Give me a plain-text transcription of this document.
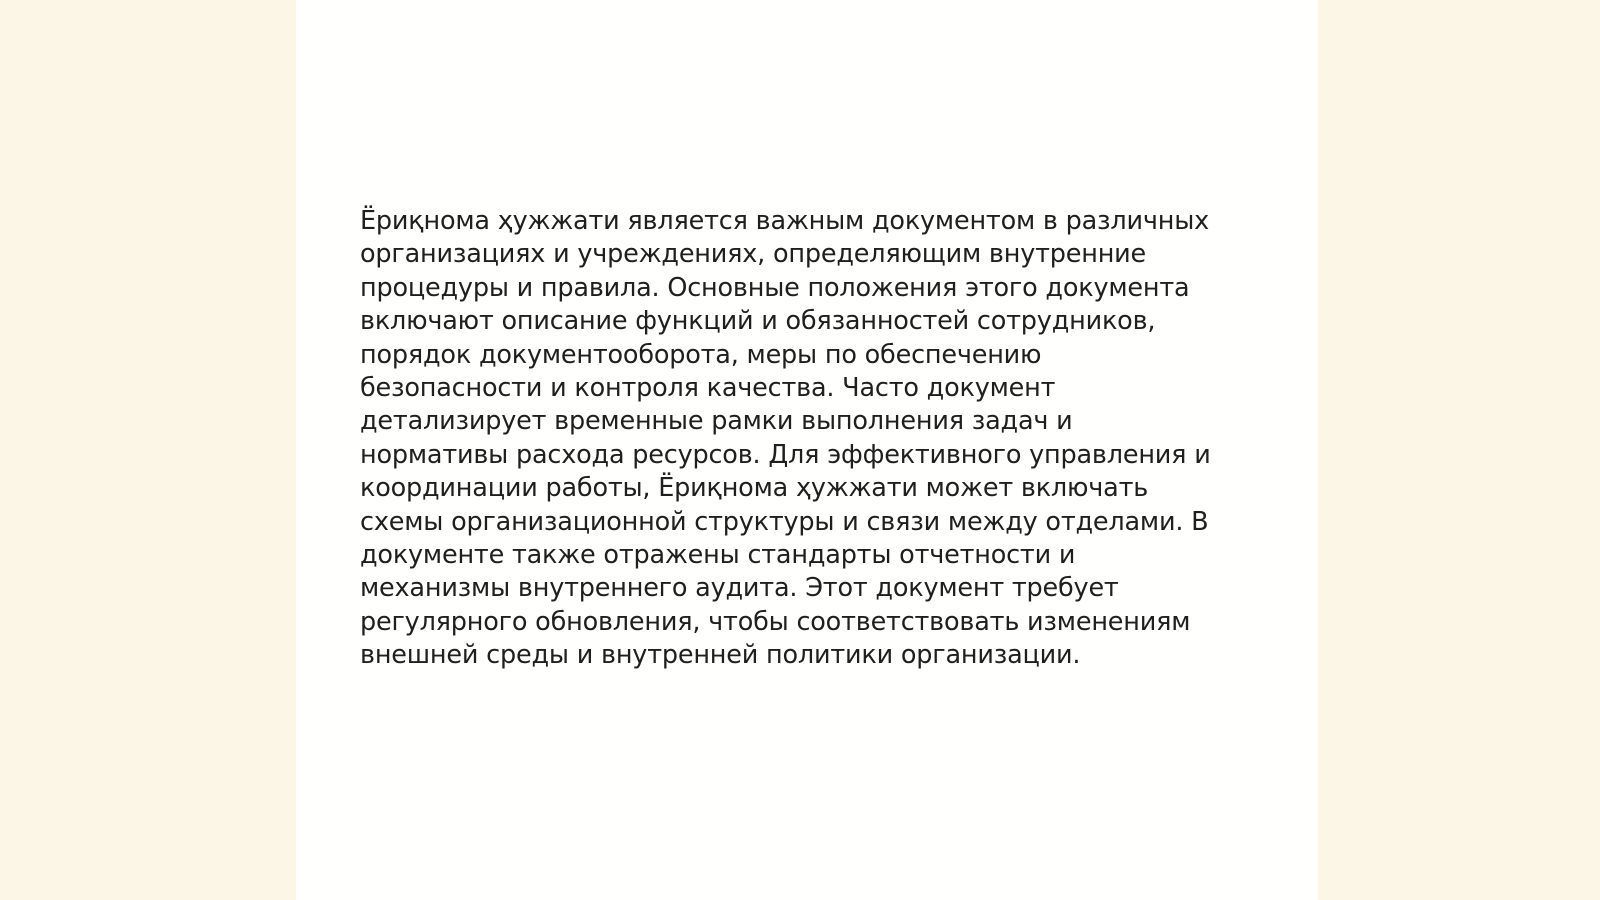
Ёриқнома ҳужжати является важным документом в различных
организациях и учреждениях, определяющим внутренние
процедуры и правила. Основные положения этого документа
включают описание функций и обязанностей сотрудников,
порядок документооборота, меры по обеспечению
безопасности и контроля качества. Часто документ
детализирует временные рамки выполнения задач и
нормативы расхода ресурсов. Для эффективного управления и
координации работы, Ёриқнома ҳужжати может включать
схемы организационной структуры и связи между отделами. В
документе также отражены стандарты отчетности и
механизмы внутреннего аудита. Этот документ требует
регулярного обновления, чтобы соответствовать изменениям
внешней среды и внутренней политики организации.
